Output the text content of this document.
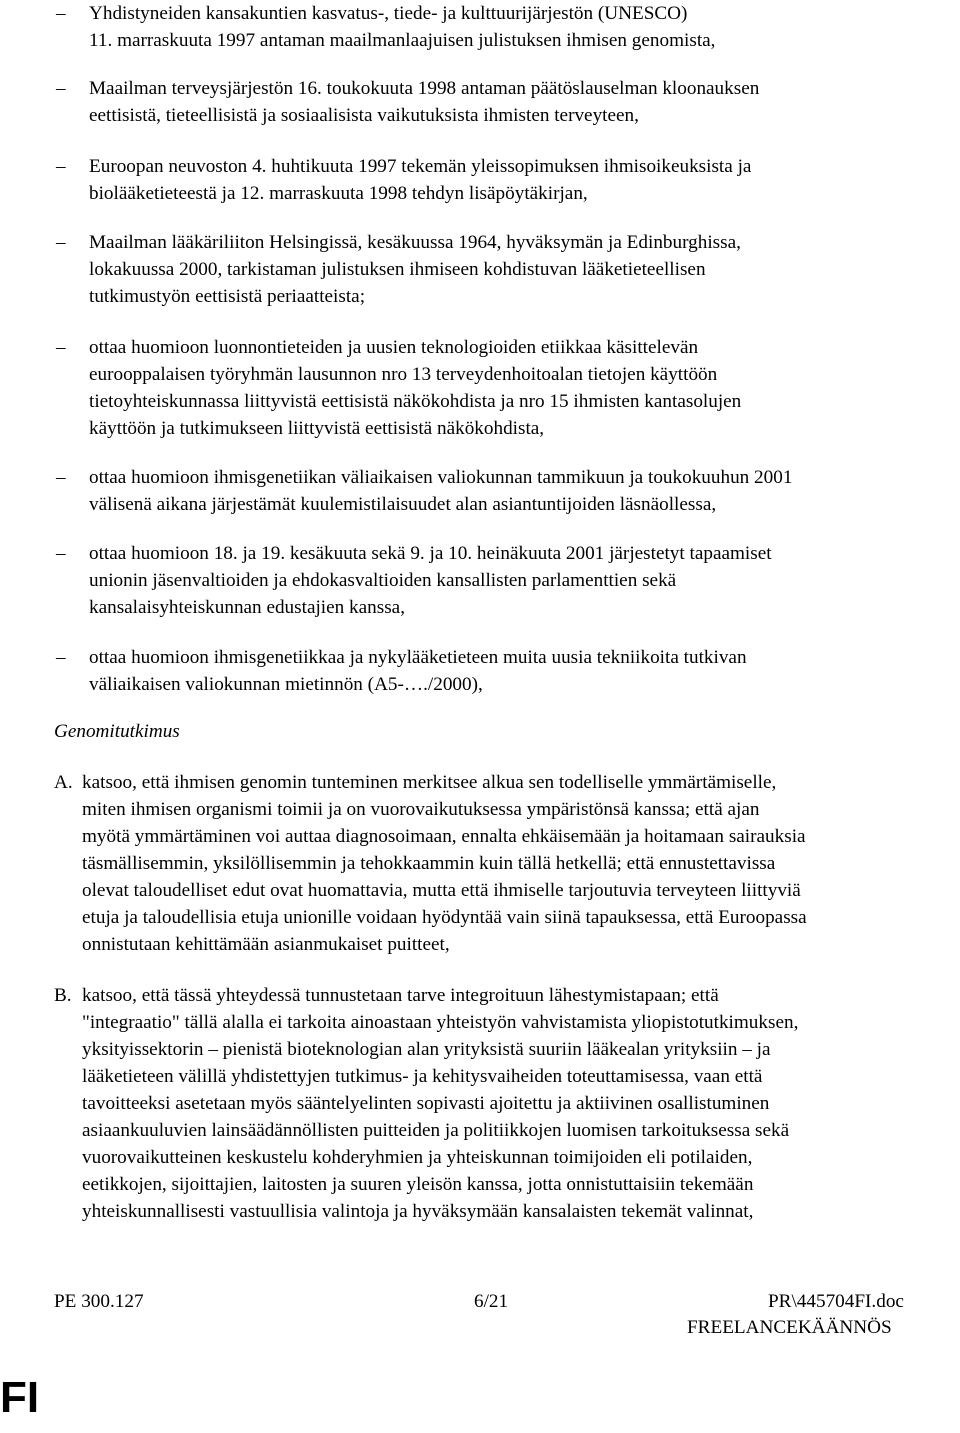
–	Yhdistyneiden kansakuntien kasvatus-, tiede- ja kulttuurijärjestön (UNESCO)
11. marraskuuta 1997 antaman maailmanlaajuisen julistuksen ihmisen genomista,
–	Maailman terveysjärjestön 16. toukokuuta 1998 antaman päätöslauselman kloonauksen
eettisistä, tieteellisistä ja sosiaalisista vaikutuksista ihmisten terveyteen,
–	Euroopan neuvoston 4. huhtikuuta 1997 tekemän yleissopimuksen ihmisoikeuksista ja
biolääketieteestä ja 12. marraskuuta 1998 tehdyn lisäpöytäkirjan,
–	Maailman lääkäriliiton Helsingissä, kesäkuussa 1964, hyväksymän ja Edinburghissa,
lokakuussa 2000, tarkistaman julistuksen ihmiseen kohdistuvan lääketieteellisen
tutkimustyön eettisistä periaatteista;
–	ottaa huomioon luonnontieteiden ja uusien teknologioiden etiikkaa käsittelevän
eurooppalaisen työryhmän lausunnon nro 13 terveydenhoitoalan tietojen käyttöön
tietoyhteiskunnassa liittyvistä eettisistä näkökohdista ja nro 15 ihmisten kantasolujen
käyttöön ja tutkimukseen liittyvistä eettisistä näkökohdista,
–	ottaa huomioon ihmisgenetiikan väliaikaisen valiokunnan tammikuun ja toukokuuhun 2001
välisenä aikana järjestämät kuulemistilaisuudet alan asiantuntijoiden läsnäollessa,
–	ottaa huomioon 18. ja 19. kesäkuuta sekä 9. ja 10. heinäkuuta 2001 järjestetyt tapaamiset
unionin jäsenvaltioiden ja ehdokasvaltioiden kansallisten parlamenttien sekä
kansalaisyhteiskunnan edustajien kanssa,
–	ottaa huomioon ihmisgenetiikkaa ja nykylääketieteen muita uusia tekniikoita tutkivan
väliaikaisen valiokunnan mietinnön (A5-…./2000),
Genomitutkimus
A. katsoo, että ihmisen genomin tunteminen merkitsee alkua sen todelliselle ymmärtämiselle,
miten ihmisen organismi toimii ja on vuorovaikutuksessa ympäristönsä kanssa; että ajan
myötä ymmärtäminen voi auttaa diagnosoimaan, ennalta ehkäisemään ja hoitamaan sairauksia
täsmällisemmin, yksilöllisemmin ja tehokkaammin kuin tällä hetkellä; että ennustettavissa
olevat taloudelliset edut ovat huomattavia, mutta että ihmiselle tarjoutuvia terveyteen liittyviä
etuja ja taloudellisia etuja unionille voidaan hyödyntää vain siinä tapauksessa, että Euroopassa
onnistutaan kehittämään asianmukaiset puitteet,
B. katsoo, että tässä yhteydessä tunnustetaan tarve integroituun lähestymistapaan; että
"integraatio" tällä alalla ei tarkoita ainoastaan yhteistyön vahvistamista yliopistotutkimuksen,
yksityissektorin – pienistä bioteknologian alan yrityksistä suuriin lääkealan yrityksiin – ja
lääketieteen välillä yhdistettyjen tutkimus- ja kehitysvaiheiden toteuttamisessa, vaan että
tavoitteeksi asetetaan myös sääntelyelinten sopivasti ajoitettu ja aktiivinen osallistuminen
asiaankuuluvien lainsäädännöllisten puitteiden ja politiikkojen luomisen tarkoituksessa sekä
vuorovaikutteinen keskustelu kohderyhmien ja yhteiskunnan toimijoiden eli potilaiden,
eetikkojen, sijoittajien, laitosten ja suuren yleisön kanssa, jotta onnistuttaisiin tekemään
yhteiskunnallisesti vastuullisia valintoja ja hyväksymään kansalaisten tekemät valinnat,
PE 300.127	6/21	PR\445704FI.doc
FREELANCEKÄÄNNÖS
FI
